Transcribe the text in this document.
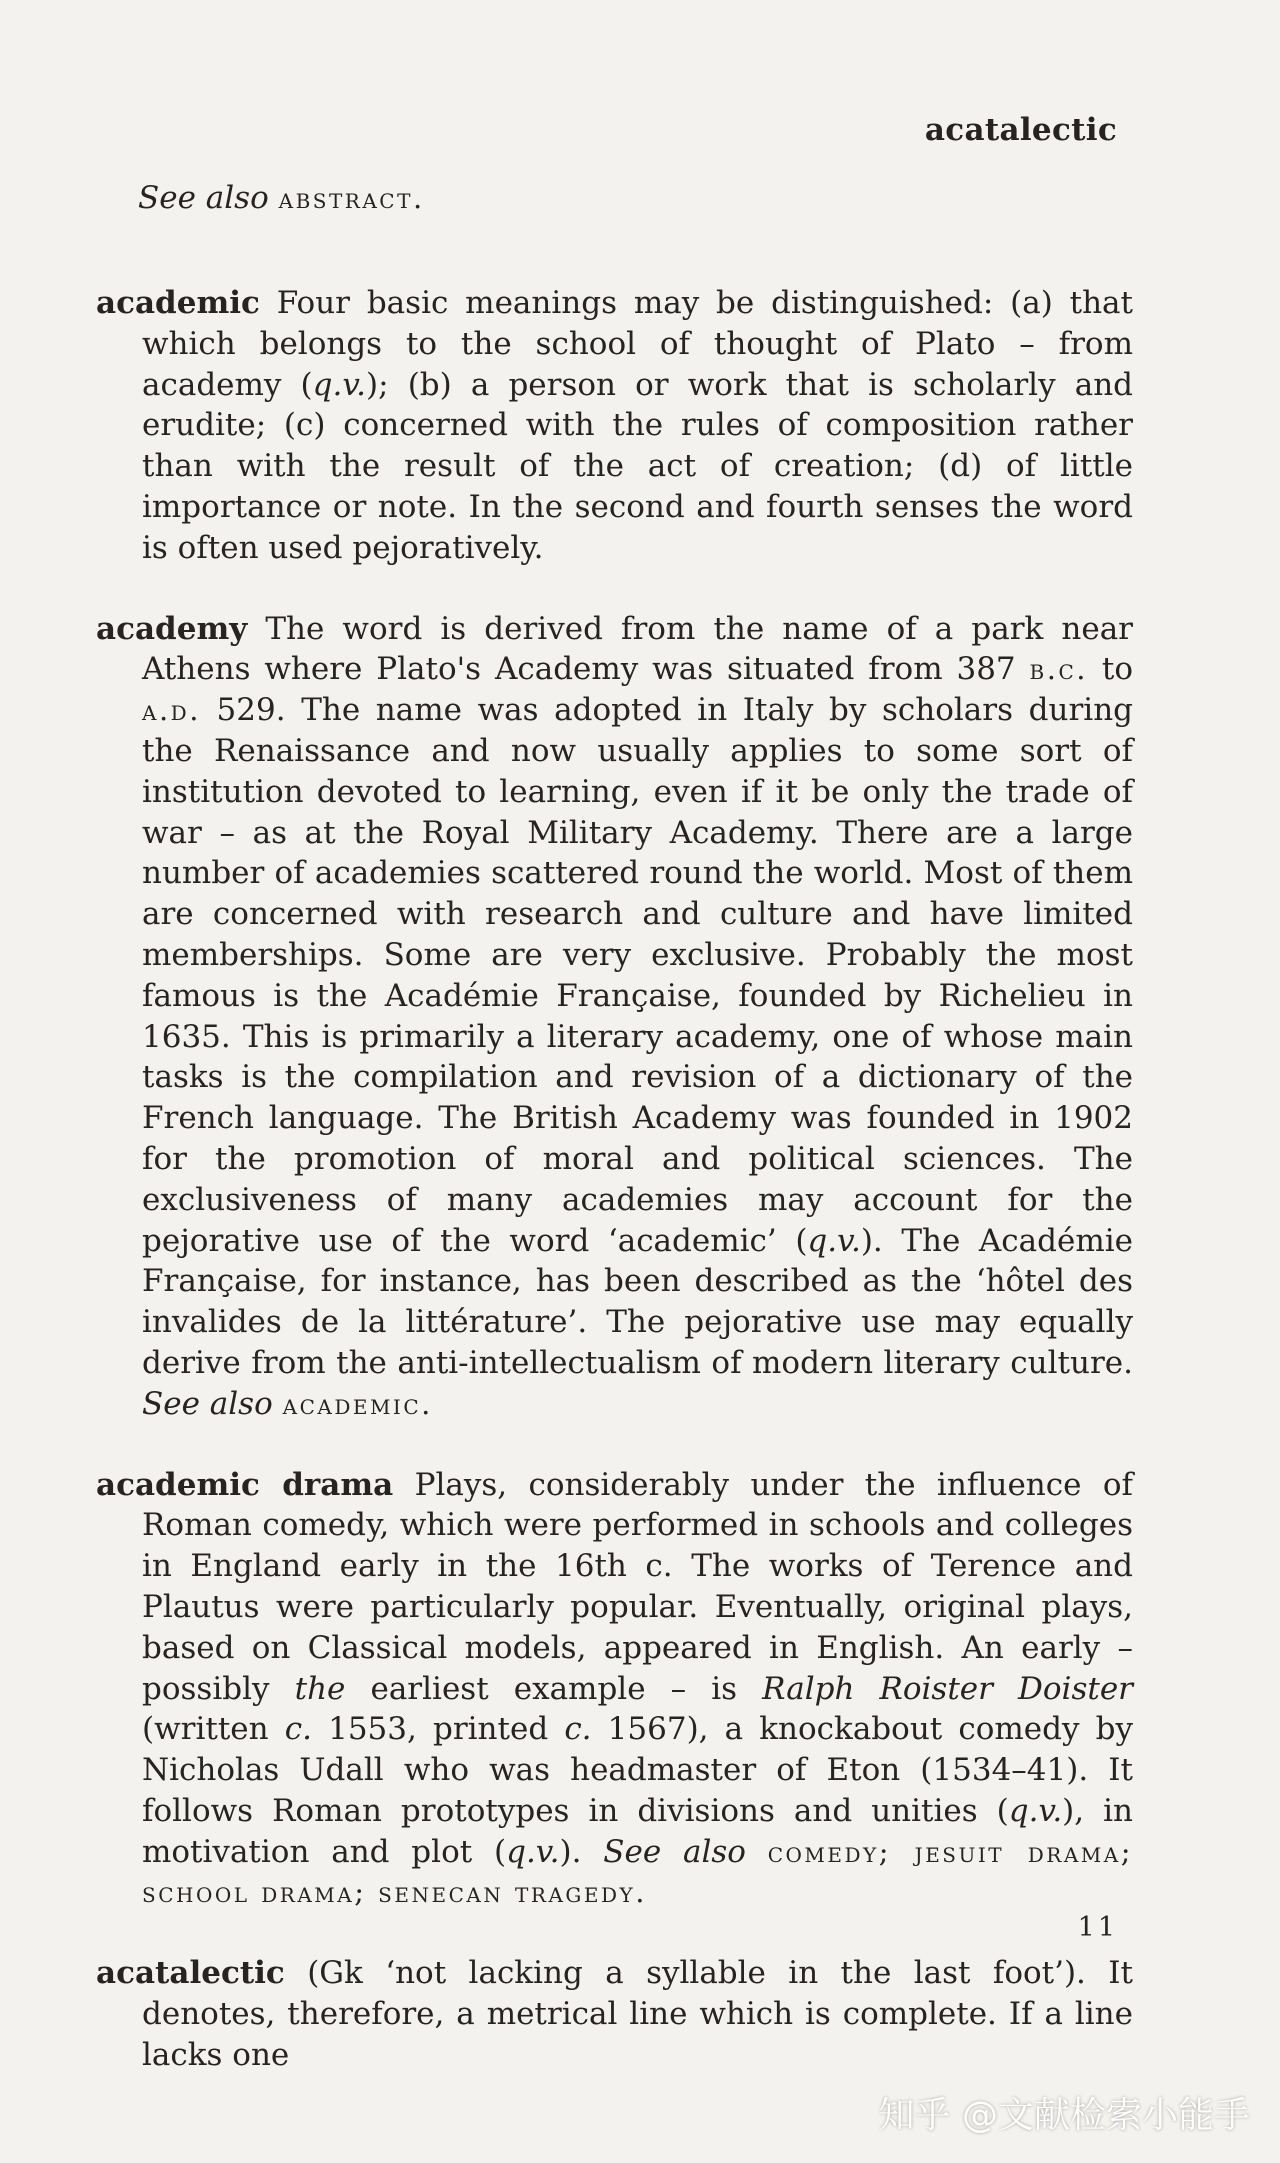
acatalectic
See also abstract.

academic Four basic meanings may be distinguished: (a) that which belongs to the school of thought of Plato – from academy (q.v.); (b) a person or work that is scholarly and erudite; (c) concerned with the rules of composition rather than with the result of the act of creation; (d) of little importance or note. In the second and fourth senses the word is often used pejoratively.

academy The word is derived from the name of a park near Athens where Plato's Academy was situated from 387 b.c. to a.d. 529. The name was adopted in Italy by scholars during the Renaissance and now usually applies to some sort of institution devoted to learning, even if it be only the trade of war – as at the Royal Military Academy. There are a large number of academies scattered round the world. Most of them are concerned with research and culture and have limited memberships. Some are very exclusive. Probably the most famous is the Académie Française, founded by Richelieu in 1635. This is primarily a literary academy, one of whose main tasks is the compilation and revision of a dictionary of the French language. The British Academy was founded in 1902 for the promotion of moral and political sciences. The exclusiveness of many academies may account for the pejorative use of the word ‘academic’ (q.v.). The Académie Française, for instance, has been described as the ‘hôtel des invalides de la littérature’. The pejorative use may equally derive from the anti-intellectualism of modern literary culture. See also academic.

academic drama Plays, considerably under the influence of Roman comedy, which were performed in schools and colleges in England early in the 16th c. The works of Terence and Plautus were particularly popular. Eventually, original plays, based on Classical models, appeared in English. An early – possibly the earliest example – is Ralph Roister Doister (written c. 1553, printed c. 1567), a knockabout comedy by Nicholas Udall who was headmaster of Eton (1534–41). It follows Roman prototypes in divisions and unities (q.v.), in motivation and plot (q.v.). See also comedy; jesuit drama; school drama; senecan tragedy.

acatalectic (Gk ‘not lacking a syllable in the last foot’). It denotes, therefore, a metrical line which is complete. If a line lacks one

11
知乎 @文献检索小能手
